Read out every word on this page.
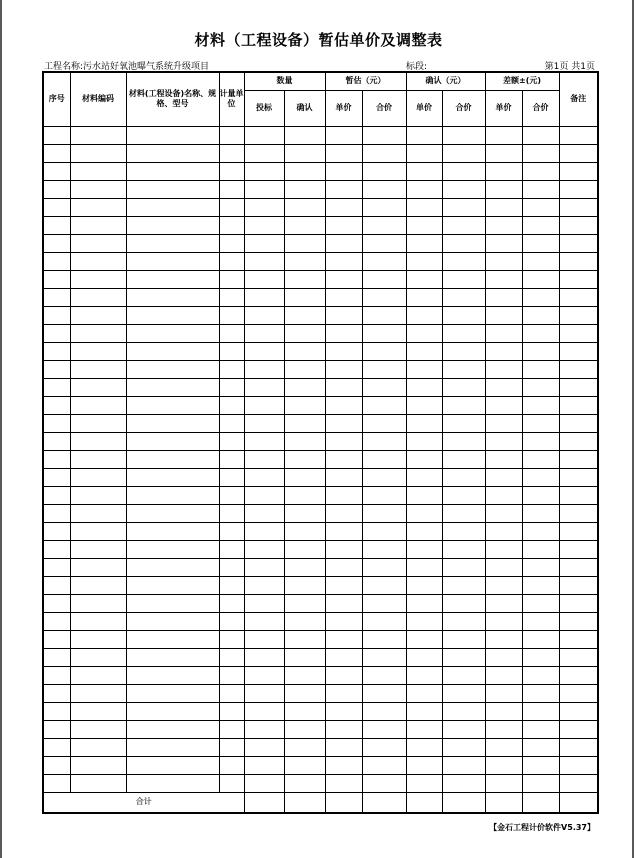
材料（工程设备）暂估单价及调整表
工程名称:污水站好氧池曝气系统升级项目	标段:	第1页 共1页
序号	材料编码	材料(工程设备)名称、规格、型号	计量单位	数量		暂估（元）		确认（元）		差额±(元)		备注
				投标	确认	单价	合价	单价	合价	单价	合价	

合计												
【金石工程计价软件V5.37】
